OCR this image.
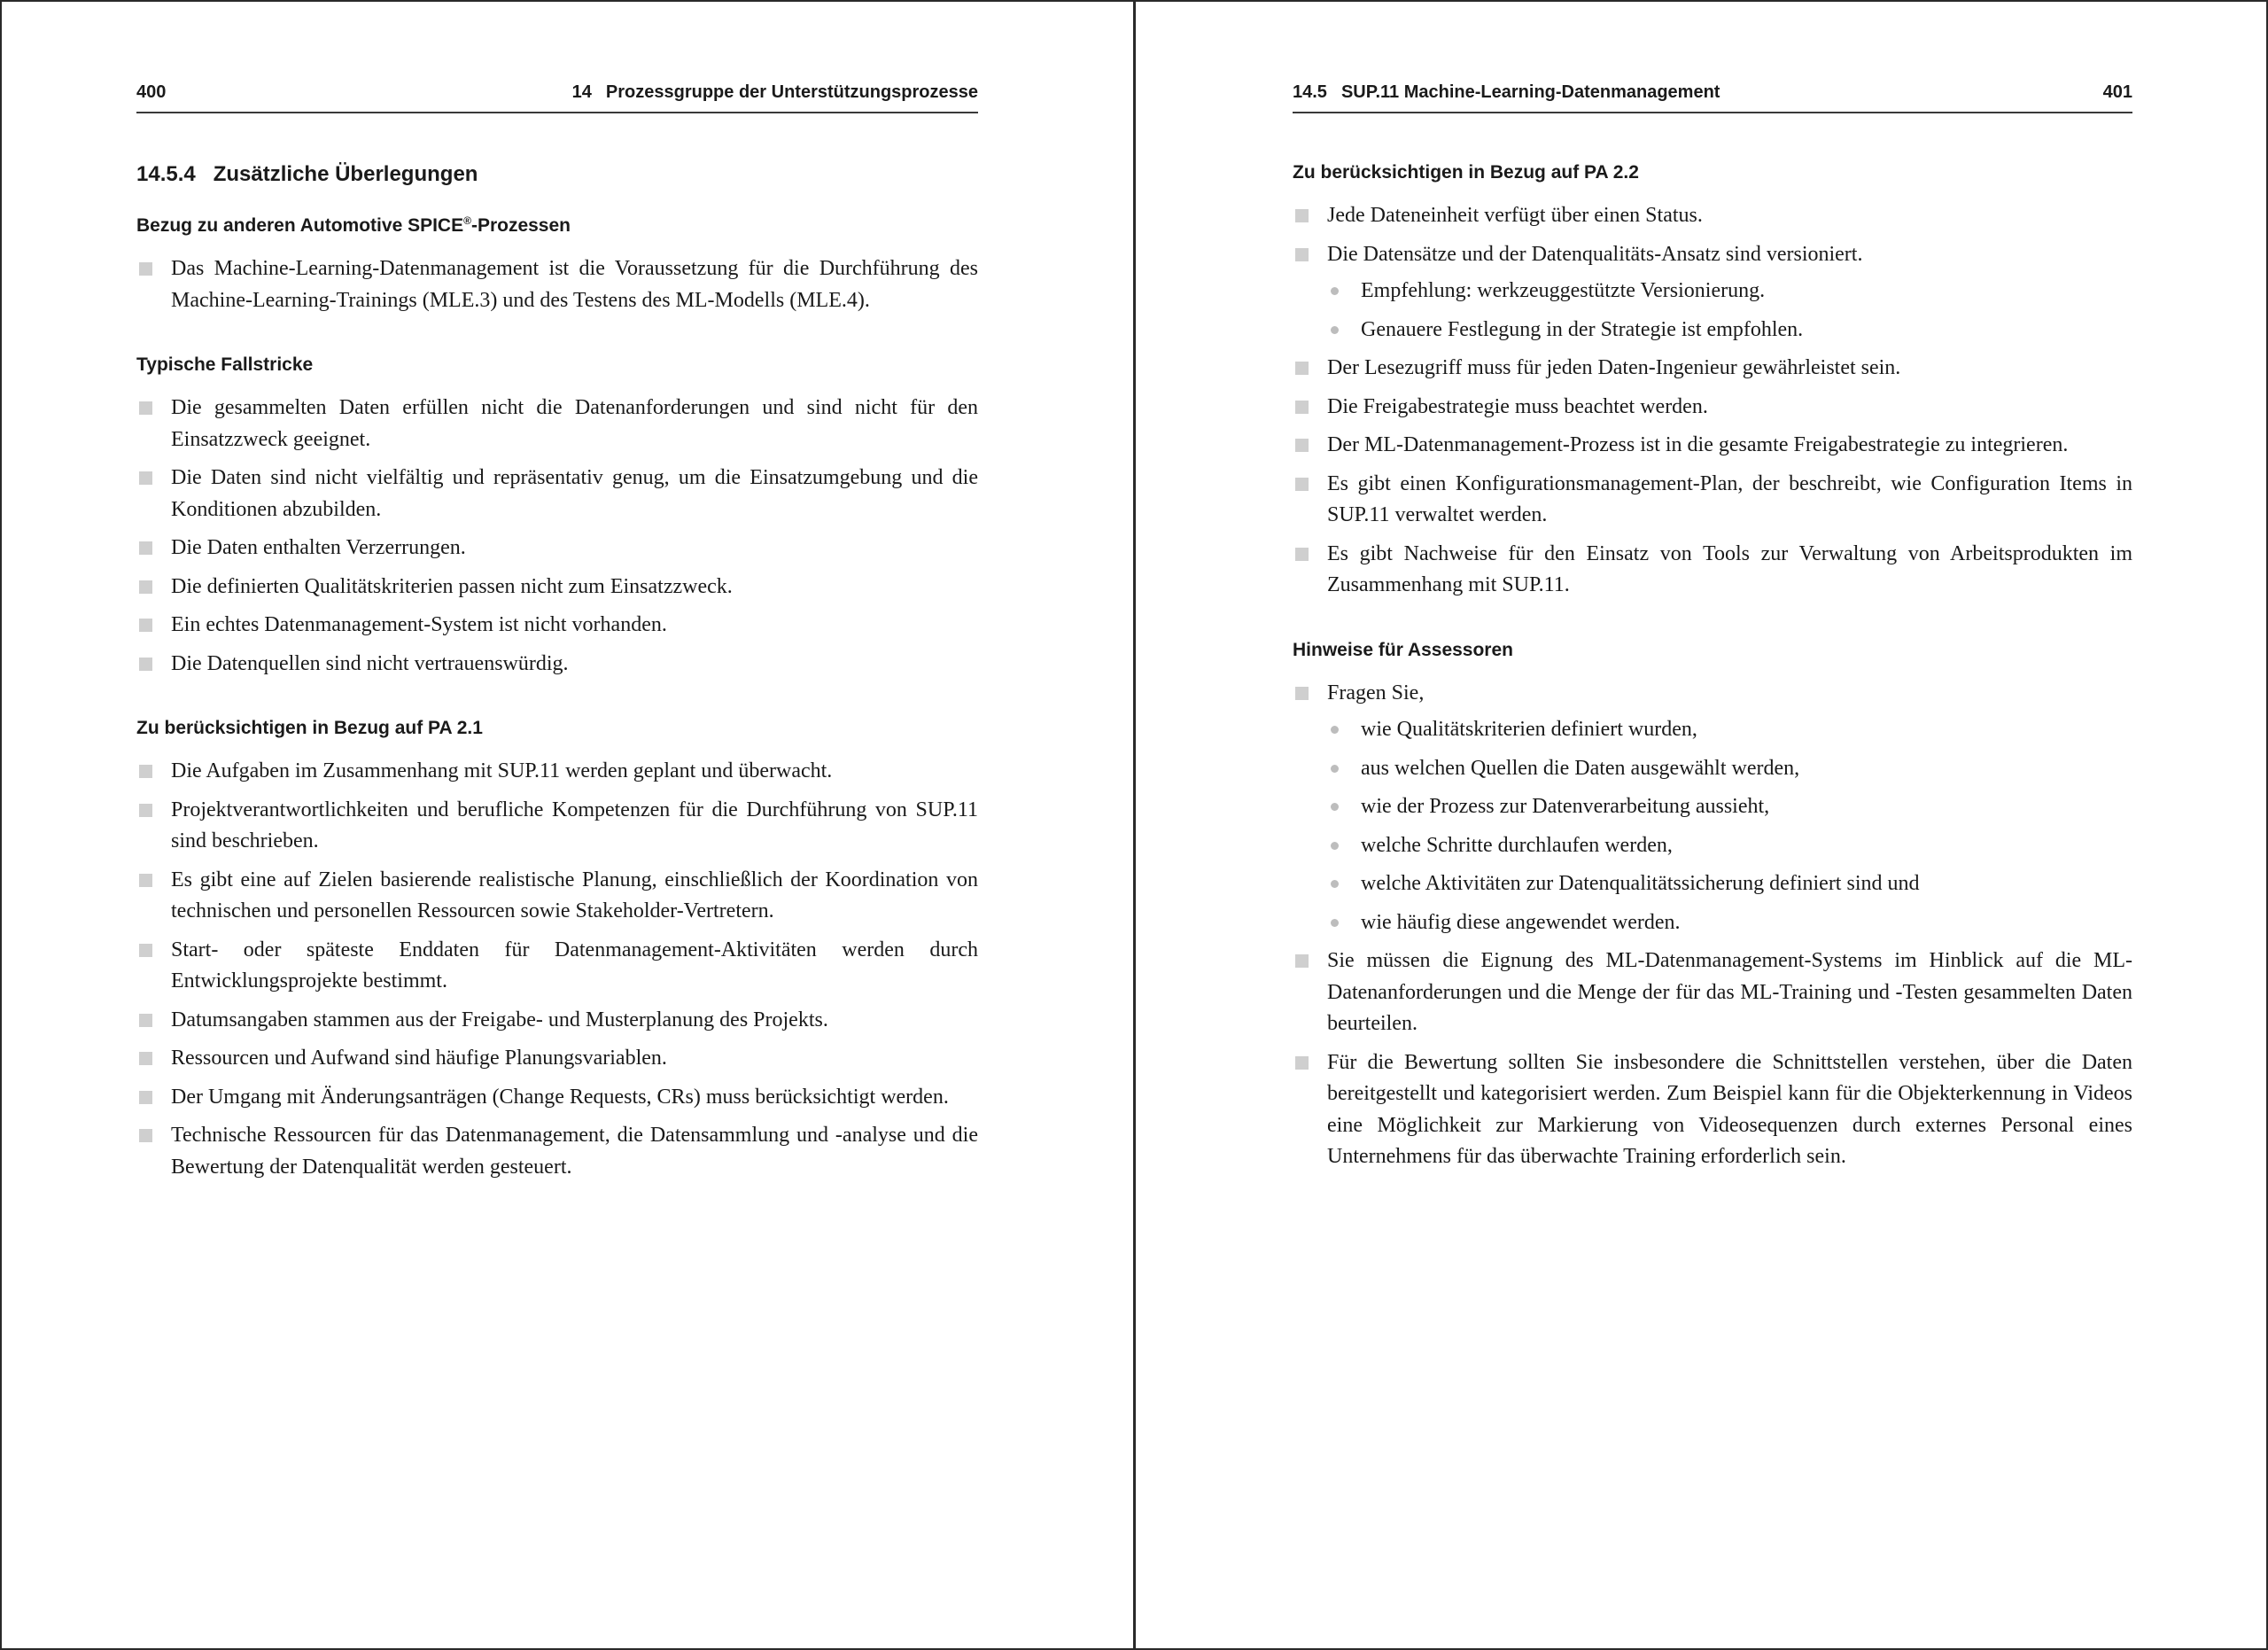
400	14 Prozessgruppe der Unterstützungsprozesse
14.5.4 Zusätzliche Überlegungen
Bezug zu anderen Automotive SPICE®-Prozessen
Das Machine-Learning-Datenmanagement ist die Voraussetzung für die Durchführung des Machine-Learning-Trainings (MLE.3) und des Testens des ML-Modells (MLE.4).
Typische Fallstricke
Die gesammelten Daten erfüllen nicht die Datenanforderungen und sind nicht für den Einsatzzweck geeignet.
Die Daten sind nicht vielfältig und repräsentativ genug, um die Einsatzumgebung und die Konditionen abzubilden.
Die Daten enthalten Verzerrungen.
Die definierten Qualitätskriterien passen nicht zum Einsatzzweck.
Ein echtes Datenmanagement-System ist nicht vorhanden.
Die Datenquellen sind nicht vertrauenswürdig.
Zu berücksichtigen in Bezug auf PA 2.1
Die Aufgaben im Zusammenhang mit SUP.11 werden geplant und überwacht.
Projektverantwortlichkeiten und berufliche Kompetenzen für die Durchführung von SUP.11 sind beschrieben.
Es gibt eine auf Zielen basierende realistische Planung, einschließlich der Koordination von technischen und personellen Ressourcen sowie Stakeholder-Vertretern.
Start- oder späteste Enddaten für Datenmanagement-Aktivitäten werden durch Entwicklungsprojekte bestimmt.
Datumsangaben stammen aus der Freigabe- und Musterplanung des Projekts.
Ressourcen und Aufwand sind häufige Planungsvariablen.
Der Umgang mit Änderungsanträgen (Change Requests, CRs) muss berücksichtigt werden.
Technische Ressourcen für das Datenmanagement, die Datensammlung und -analyse und die Bewertung der Datenqualität werden gesteuert.
14.5 SUP.11 Machine-Learning-Datenmanagement	401
Zu berücksichtigen in Bezug auf PA 2.2
Jede Dateneinheit verfügt über einen Status.
Die Datensätze und der Datenqualitäts-Ansatz sind versioniert.
Empfehlung: werkzeuggestützte Versionierung.
Genauere Festlegung in der Strategie ist empfohlen.
Der Lesezugriff muss für jeden Daten-Ingenieur gewährleistet sein.
Die Freigabestrategie muss beachtet werden.
Der ML-Datenmanagement-Prozess ist in die gesamte Freigabestrategie zu integrieren.
Es gibt einen Konfigurationsmanagement-Plan, der beschreibt, wie Configuration Items in SUP.11 verwaltet werden.
Es gibt Nachweise für den Einsatz von Tools zur Verwaltung von Arbeitsprodukten im Zusammenhang mit SUP.11.
Hinweise für Assessoren
Fragen Sie,
wie Qualitätskriterien definiert wurden,
aus welchen Quellen die Daten ausgewählt werden,
wie der Prozess zur Datenverarbeitung aussieht,
welche Schritte durchlaufen werden,
welche Aktivitäten zur Datenqualitätssicherung definiert sind und
wie häufig diese angewendet werden.
Sie müssen die Eignung des ML-Datenmanagement-Systems im Hinblick auf die ML-Datenanforderungen und die Menge der für das ML-Training und -Testen gesammelten Daten beurteilen.
Für die Bewertung sollten Sie insbesondere die Schnittstellen verstehen, über die Daten bereitgestellt und kategorisiert werden. Zum Beispiel kann für die Objekterkennung in Videos eine Möglichkeit zur Markierung von Videosequenzen durch externes Personal eines Unternehmens für das überwachte Training erforderlich sein.
